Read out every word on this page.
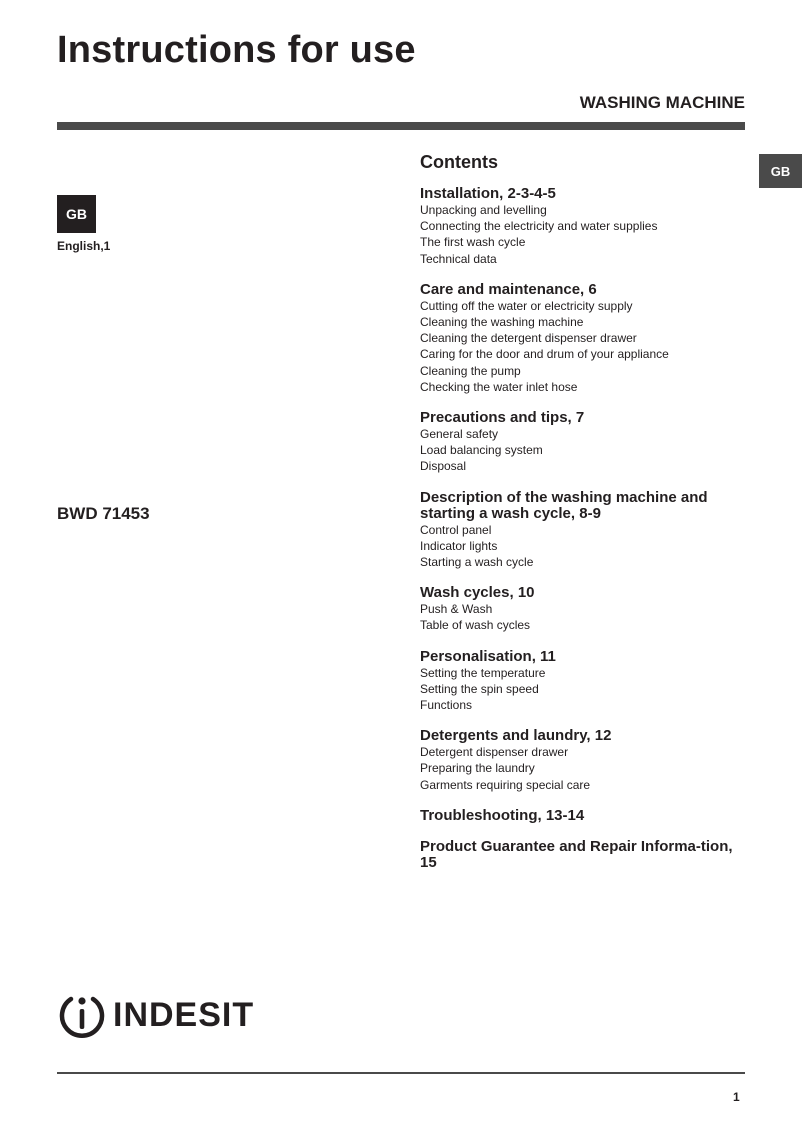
Instructions for use
WASHING MACHINE
GB
GB
English,1
BWD 71453
Contents
Installation, 2-3-4-5
Unpacking and levelling
Connecting the electricity and water supplies
The first wash cycle
Technical data
Care and maintenance, 6
Cutting off the water or electricity supply
Cleaning the washing machine
Cleaning the detergent dispenser drawer
Caring for the door and drum of your appliance
Cleaning the pump
Checking the water inlet hose
Precautions and tips, 7
General safety
Load balancing system
Disposal
Description of the washing machine and starting a wash cycle, 8-9
Control panel
Indicator lights
Starting a wash cycle
Wash cycles, 10
Push & Wash
Table of wash cycles
Personalisation, 11
Setting the temperature
Setting the spin speed
Functions
Detergents and laundry, 12
Detergent dispenser drawer
Preparing the laundry
Garments requiring special care
Troubleshooting, 13-14
Product Guarantee and Repair Informa-tion, 15
INDESIT
1
